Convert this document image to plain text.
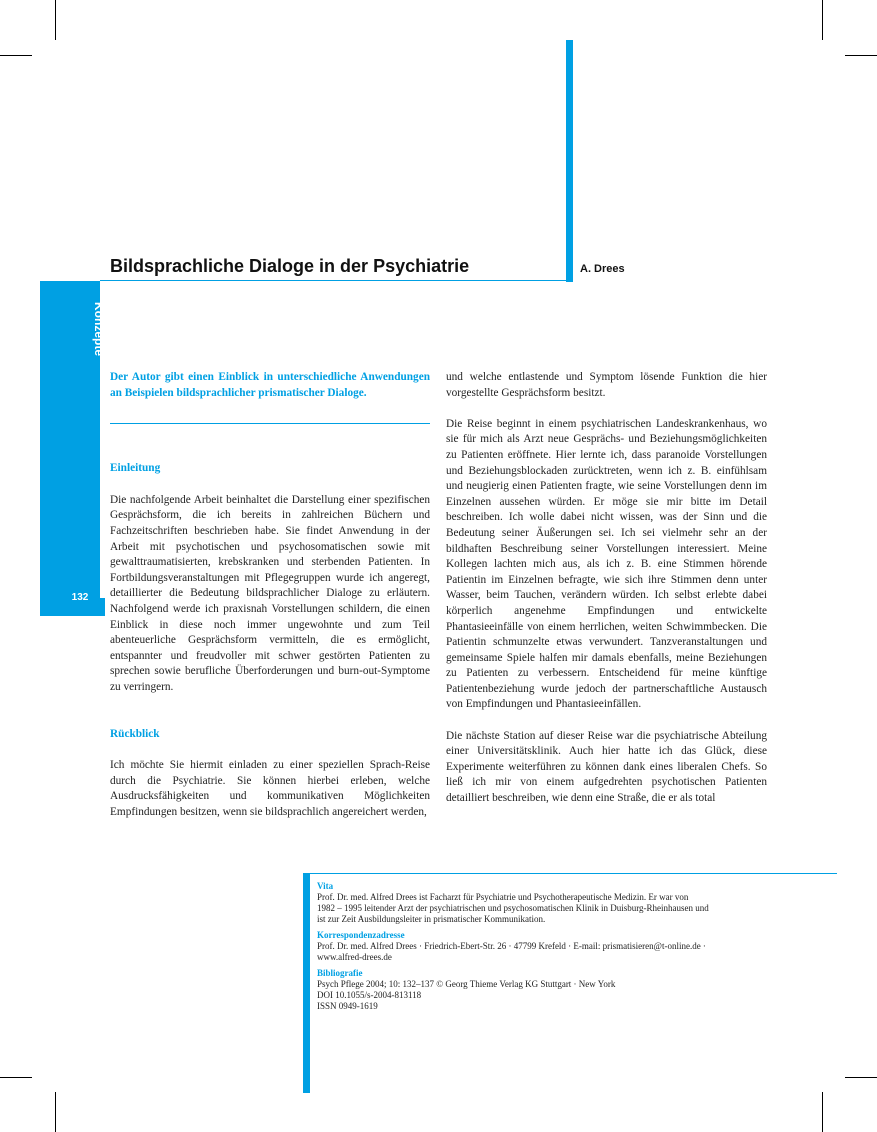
Bildsprachliche Dialoge in der Psychiatrie	A. Drees
Konzepte
132

Der Autor gibt einen Einblick in unterschiedliche Anwendungen an Beispielen bildsprachlicher prismatischer Dialoge.

Einleitung

Die nachfolgende Arbeit beinhaltet die Darstellung einer spezifischen Gesprächsform, die ich bereits in zahlreichen Büchern und Fachzeitschriften beschrieben habe. Sie findet Anwendung in der Arbeit mit psychotischen und psychosomatischen sowie mit gewalttraumatisierten, krebskranken und sterbenden Patienten. In Fortbildungsveranstaltungen mit Pflegegruppen wurde ich angeregt, detaillierter die Bedeutung bildsprachlicher Dialoge zu erläutern. Nachfolgend werde ich praxisnah Vorstellungen schildern, die einen Einblick in diese noch immer ungewohnte und zum Teil abenteuerliche Gesprächsform vermitteln, die es ermöglicht, entspannter und freudvoller mit schwer gestörten Patienten zu sprechen sowie berufliche Überforderungen und burn-out-Symptome zu verringern.

Rückblick

Ich möchte Sie hiermit einladen zu einer speziellen Sprach-Reise durch die Psychiatrie. Sie können hierbei erleben, welche Ausdrucksfähigkeiten und kommunikativen Möglichkeiten Empfindungen besitzen, wenn sie bildsprachlich angereichert werden,

und welche entlastende und Symptom lösende Funktion die hier vorgestellte Gesprächsform besitzt.

Die Reise beginnt in einem psychiatrischen Landeskrankenhaus, wo sie für mich als Arzt neue Gesprächs- und Beziehungsmöglichkeiten zu Patienten eröffnete. Hier lernte ich, dass paranoide Vorstellungen und Beziehungsblockaden zurücktreten, wenn ich z. B. einfühlsam und neugierig einen Patienten fragte, wie seine Vorstellungen denn im Einzelnen aussehen würden. Er möge sie mir bitte im Detail beschreiben. Ich wolle dabei nicht wissen, was der Sinn und die Bedeutung seiner Äußerungen sei. Ich sei vielmehr sehr an der bildhaften Beschreibung seiner Vorstellungen interessiert. Meine Kollegen lachten mich aus, als ich z. B. eine Stimmen hörende Patientin im Einzelnen befragte, wie sich ihre Stimmen denn unter Wasser, beim Tauchen, verändern würden. Ich selbst erlebte dabei körperlich angenehme Empfindungen und entwickelte Phantasieeinfälle von einem herrlichen, weiten Schwimmbecken. Die Patientin schmunzelte etwas verwundert. Tanzveranstaltungen und gemeinsame Spiele halfen mir damals ebenfalls, meine Beziehungen zu Patienten zu verbessern. Entscheidend für meine künftige Patientenbeziehung wurde jedoch der partnerschaftliche Austausch von Empfindungen und Phantasieeinfällen.

Die nächste Station auf dieser Reise war die psychiatrische Abteilung einer Universitätsklinik. Auch hier hatte ich das Glück, diese Experimente weiterführen zu können dank eines liberalen Chefs. So ließ ich mir von einem aufgedrehten psychotischen Patienten detailliert beschreiben, wie denn eine Straße, die er als total

Vita
Prof. Dr. med. Alfred Drees ist Facharzt für Psychiatrie und Psychotherapeutische Medizin. Er war von
1982 – 1995 leitender Arzt der psychiatrischen und psychosomatischen Klinik in Duisburg-Rheinhausen und
ist zur Zeit Ausbildungsleiter in prismatischer Kommunikation.
Korrespondenzadresse
Prof. Dr. med. Alfred Drees · Friedrich-Ebert-Str. 26 · 47799 Krefeld · E-mail: prismatisieren@t-online.de ·
www.alfred-drees.de
Bibliografie
Psych Pflege 2004; 10: 132–137 © Georg Thieme Verlag KG Stuttgart · New York
DOI 10.1055/s-2004-813118
ISSN 0949-1619
